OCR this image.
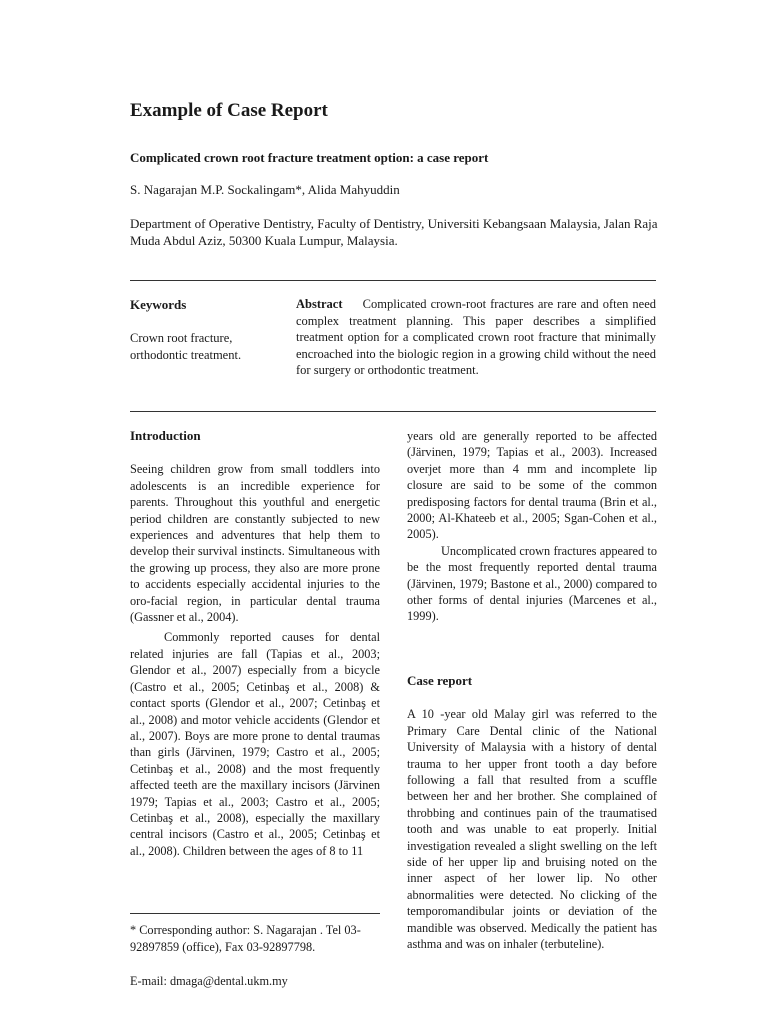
Example of Case Report
Complicated crown root fracture treatment option: a case report
S. Nagarajan M.P. Sockalingam*, Alida Mahyuddin
Department of Operative Dentistry, Faculty of Dentistry, Universiti Kebangsaan Malaysia, Jalan Raja Muda Abdul Aziz, 50300 Kuala Lumpur, Malaysia.
Keywords
Crown root fracture, orthodontic treatment.
Abstract Complicated crown-root fractures are rare and often need complex treatment planning. This paper describes a simplified treatment option for a complicated crown root fracture that minimally encroached into the biologic region in a growing child without the need for surgery or orthodontic treatment.

Introduction

Seeing children grow from small toddlers into adolescents is an incredible experience for parents. Throughout this youthful and energetic period children are constantly subjected to new experiences and adventures that help them to develop their survival instincts. Simultaneous with the growing up process, they also are more prone to accidents especially accidental injuries to the oro-facial region, in particular dental trauma (Gassner et al., 2004).

Commonly reported causes for dental related injuries are fall (Tapias et al., 2003; Glendor et al., 2007) especially from a bicycle (Castro et al., 2005; Cetinbaş et al., 2008) & contact sports (Glendor et al., 2007; Cetinbaş et al., 2008) and motor vehicle accidents (Glendor et al., 2007). Boys are more prone to dental traumas than girls (Järvinen, 1979; Castro et al., 2005; Cetinbaş et al., 2008) and the most frequently affected teeth are the maxillary incisors (Järvinen 1979; Tapias et al., 2003; Castro et al., 2005; Cetinbaş et al., 2008), especially the maxillary central incisors (Castro et al., 2005; Cetinbaş et al., 2008). Children between the ages of 8 to 11

years old are generally reported to be affected (Järvinen, 1979; Tapias et al., 2003). Increased overjet more than 4 mm and incomplete lip closure are said to be some of the common predisposing factors for dental trauma (Brin et al., 2000; Al-Khateeb et al., 2005; Sgan-Cohen et al., 2005).

Uncomplicated crown fractures appeared to be the most frequently reported dental trauma (Järvinen, 1979; Bastone et al., 2000) compared to other forms of dental injuries (Marcenes et al., 1999).

Case report

A 10 -year old Malay girl was referred to the Primary Care Dental clinic of the National University of Malaysia with a history of dental trauma to her upper front tooth a day before following a fall that resulted from a scuffle between her and her brother. She complained of throbbing and continues pain of the traumatised tooth and was unable to eat properly. Initial investigation revealed a slight swelling on the left side of her upper lip and bruising noted on the inner aspect of her lower lip. No other abnormalities were detected. No clicking of the temporomandibular joints or deviation of the mandible was observed. Medically the patient has asthma and was on inhaler (terbuteline).

* Corresponding author: S. Nagarajan . Tel 03-92897859 (office), Fax 03-92897798.
E-mail: dmaga@dental.ukm.my
